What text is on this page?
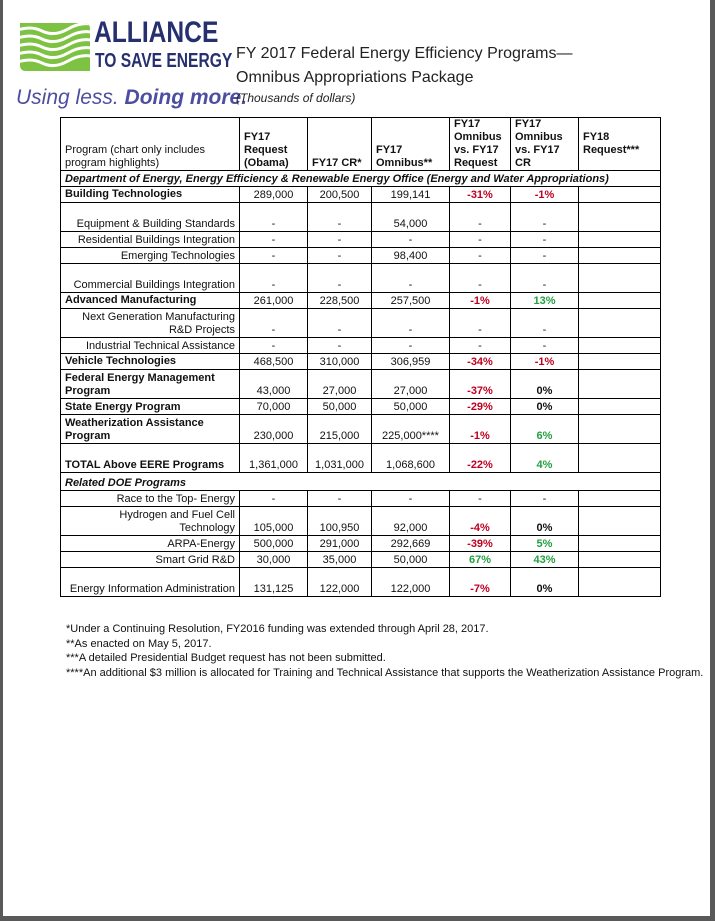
ALLIANCE
TO SAVE ENERGY
Using less. Doing more.
FY 2017 Federal Energy Efficiency Programs—
Omnibus Appropriations Package
(Thousands of dollars)
Program (chart only includes program highlights)	FY17 Request (Obama)	FY17 CR*	FY17 Omnibus**	FY17 Omnibus vs. FY17 Request	FY17 Omnibus vs. FY17 CR	FY18 Request***
Department of Energy, Energy Efficiency & Renewable Energy Office (Energy and Water Appropriations)						
Building Technologies	289,000	200,500	199,141	-31%	-1%	
Equipment & Building Standards	-	-	54,000	-	-	
Residential Buildings Integration	-	-	-	-	-	
Emerging Technologies	-	-	98,400	-	-	
Commercial Buildings Integration	-	-	-	-	-	
Advanced Manufacturing	261,000	228,500	257,500	-1%	13%	
Next Generation Manufacturing R&D Projects	-	-	-	-	-	
Industrial Technical Assistance	-	-	-	-	-	
Vehicle Technologies	468,500	310,000	306,959	-34%	-1%	
Federal Energy Management Program	43,000	27,000	27,000	-37%	0%	
State Energy Program	70,000	50,000	50,000	-29%	0%	
Weatherization Assistance Program	230,000	215,000	225,000****	-1%	6%	
TOTAL Above EERE Programs	1,361,000	1,031,000	1,068,600	-22%	4%	
Related DOE Programs						
Race to the Top- Energy	-	-	-	-	-	
Hydrogen and Fuel Cell Technology	105,000	100,950	92,000	-4%	0%	
ARPA-Energy	500,000	291,000	292,669	-39%	5%	
Smart Grid R&D	30,000	35,000	50,000	67%	43%	
Energy Information Administration	131,125	122,000	122,000	-7%	0%	
*Under a Continuing Resolution, FY2016 funding was extended through April 28, 2017.
**As enacted on May 5, 2017.
***A detailed Presidential Budget request has not been submitted.
****An additional $3 million is allocated for Training and Technical Assistance that supports the Weatherization Assistance Program.
